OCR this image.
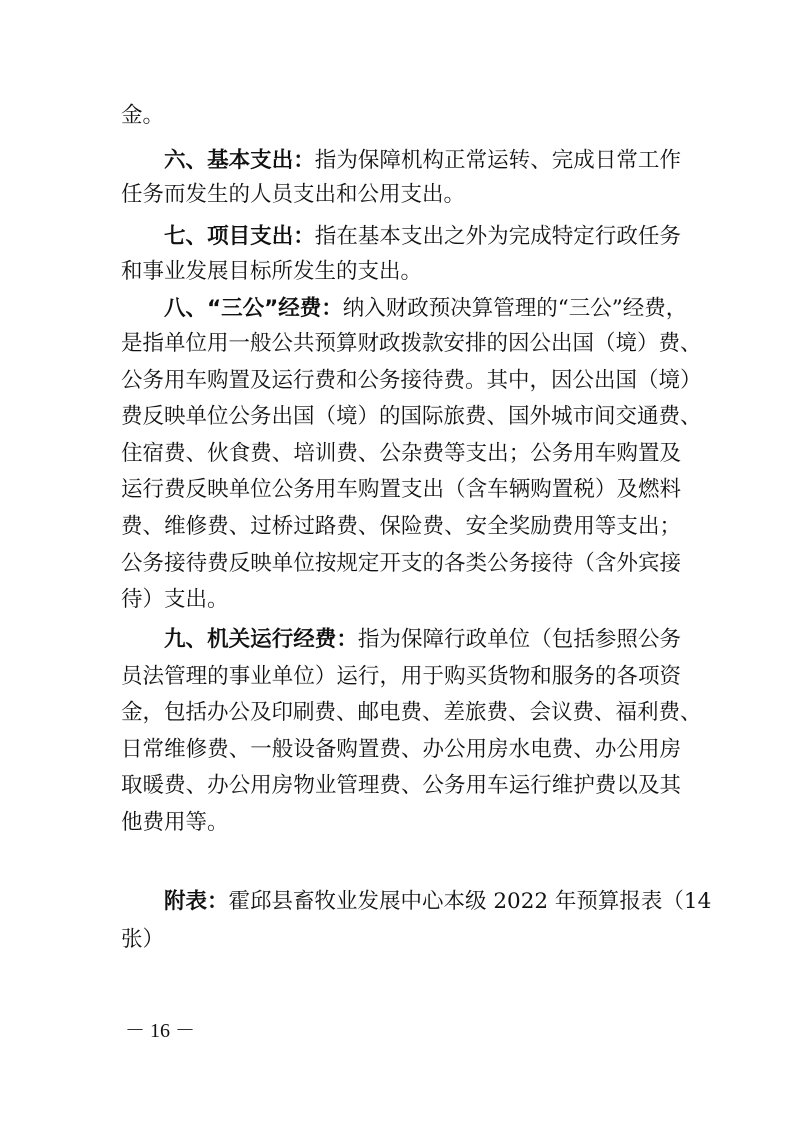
金。
六、基本支出：指为保障机构正常运转、完成日常工作
任务而发生的人员支出和公用支出。
七、项目支出：指在基本支出之外为完成特定行政任务
和事业发展目标所发生的支出。
八、“三公”经费：纳入财政预决算管理的“三公”经费，
是指单位用一般公共预算财政拨款安排的因公出国（境）费、
公务用车购置及运行费和公务接待费。其中，因公出国（境）
费反映单位公务出国（境）的国际旅费、国外城市间交通费、
住宿费、伙食费、培训费、公杂费等支出；公务用车购置及
运行费反映单位公务用车购置支出（含车辆购置税）及燃料
费、维修费、过桥过路费、保险费、安全奖励费用等支出；
公务接待费反映单位按规定开支的各类公务接待（含外宾接
待）支出。
九、机关运行经费：指为保障行政单位（包括参照公务
员法管理的事业单位）运行，用于购买货物和服务的各项资
金，包括办公及印刷费、邮电费、差旅费、会议费、福利费、
日常维修费、一般设备购置费、办公用房水电费、办公用房
取暖费、办公用房物业管理费、公务用车运行维护费以及其
他费用等。
附表：霍邱县畜牧业发展中心本级 2022 年预算报表（14
张）
－ 16 －
